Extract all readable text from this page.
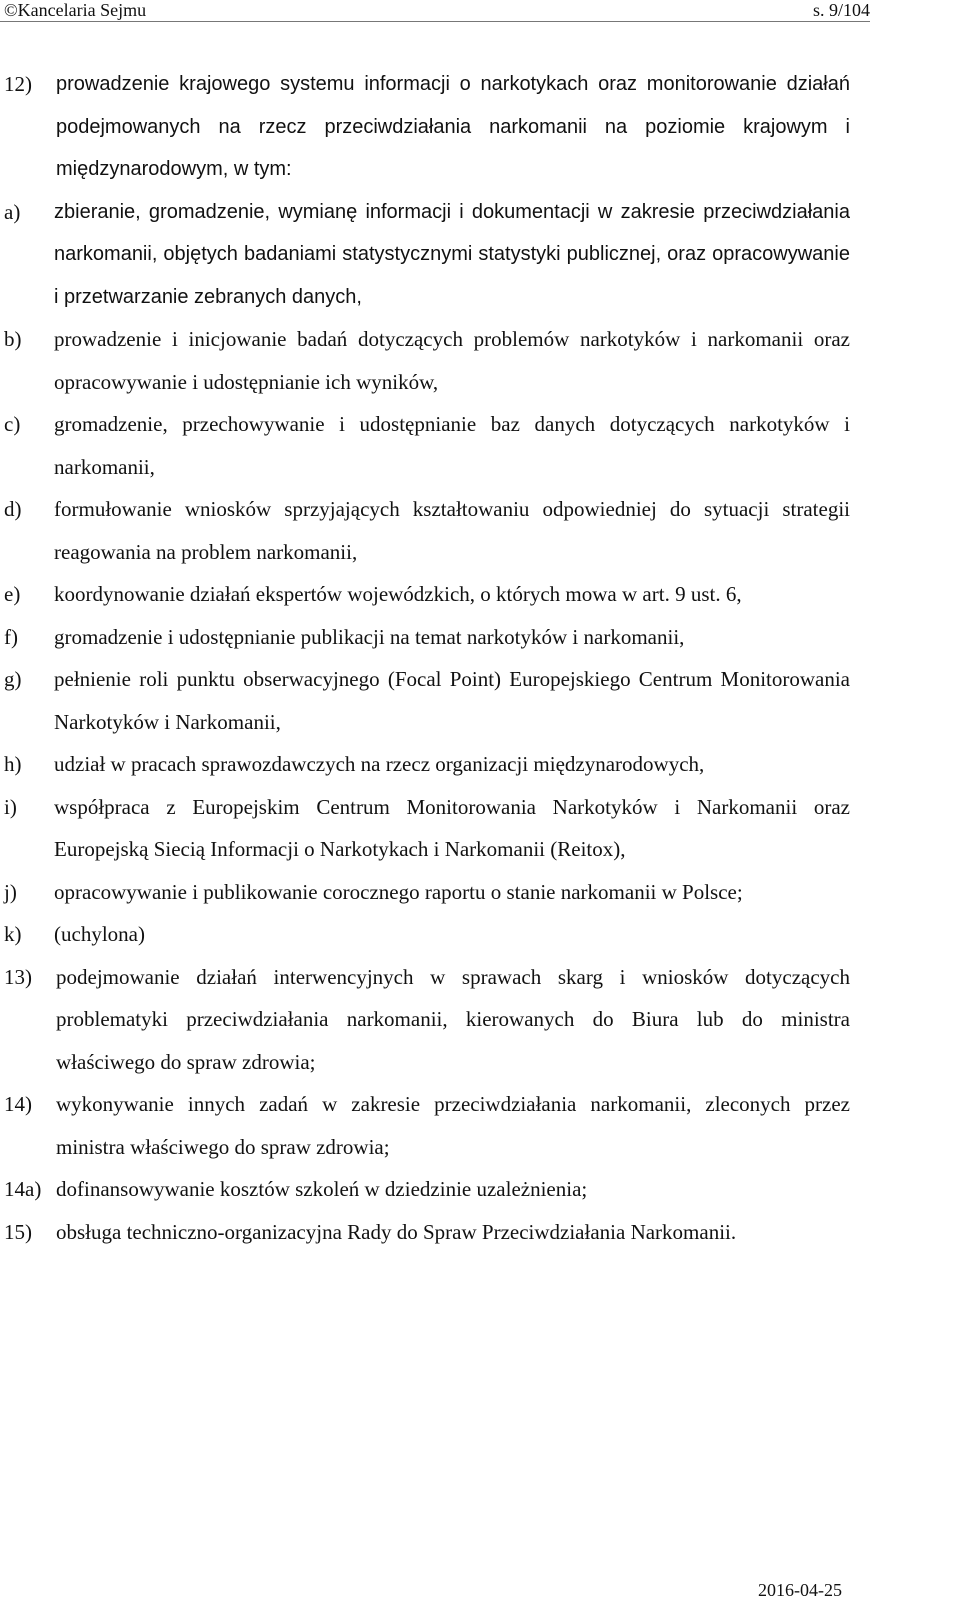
©Kancelaria Sejmu	s. 9/104
12)	prowadzenie krajowego systemu informacji o narkotykach oraz monitorowanie działań podejmowanych na rzecz przeciwdziałania narkomanii na poziomie krajowym i międzynarodowym, w tym:
a)	zbieranie, gromadzenie, wymianę informacji i dokumentacji w zakresie przeciwdziałania narkomanii, objętych badaniami statystycznymi statystyki publicznej, oraz opracowywanie i przetwarzanie zebranych danych,
b)	prowadzenie i inicjowanie badań dotyczących problemów narkotyków i narkomanii oraz opracowywanie i udostępnianie ich wyników,
c)	gromadzenie, przechowywanie i udostępnianie baz danych dotyczących narkotyków i narkomanii,
d)	formułowanie wniosków sprzyjających kształtowaniu odpowiedniej do sytuacji strategii reagowania na problem narkomanii,
e)	koordynowanie działań ekspertów wojewódzkich, o których mowa w art. 9 ust. 6,
f)	gromadzenie i udostępnianie publikacji na temat narkotyków i narkomanii,
g)	pełnienie roli punktu obserwacyjnego (Focal Point) Europejskiego Centrum Monitorowania Narkotyków i Narkomanii,
h)	udział w pracach sprawozdawczych na rzecz organizacji międzynarodowych,
i)	współpraca z Europejskim Centrum Monitorowania Narkotyków i Narkomanii oraz Europejską Siecią Informacji o Narkotykach i Narkomanii (Reitox),
j)	opracowywanie i publikowanie corocznego raportu o stanie narkomanii w Polsce;
k)	(uchylona)
13)	podejmowanie działań interwencyjnych w sprawach skarg i wniosków dotyczących problematyki przeciwdziałania narkomanii, kierowanych do Biura lub do ministra właściwego do spraw zdrowia;
14)	wykonywanie innych zadań w zakresie przeciwdziałania narkomanii, zleconych przez ministra właściwego do spraw zdrowia;
14a) dofinansowywanie kosztów szkoleń w dziedzinie uzależnienia;
15)	obsługa techniczno-organizacyjna Rady do Spraw Przeciwdziałania Narkomanii.
2016-04-25
